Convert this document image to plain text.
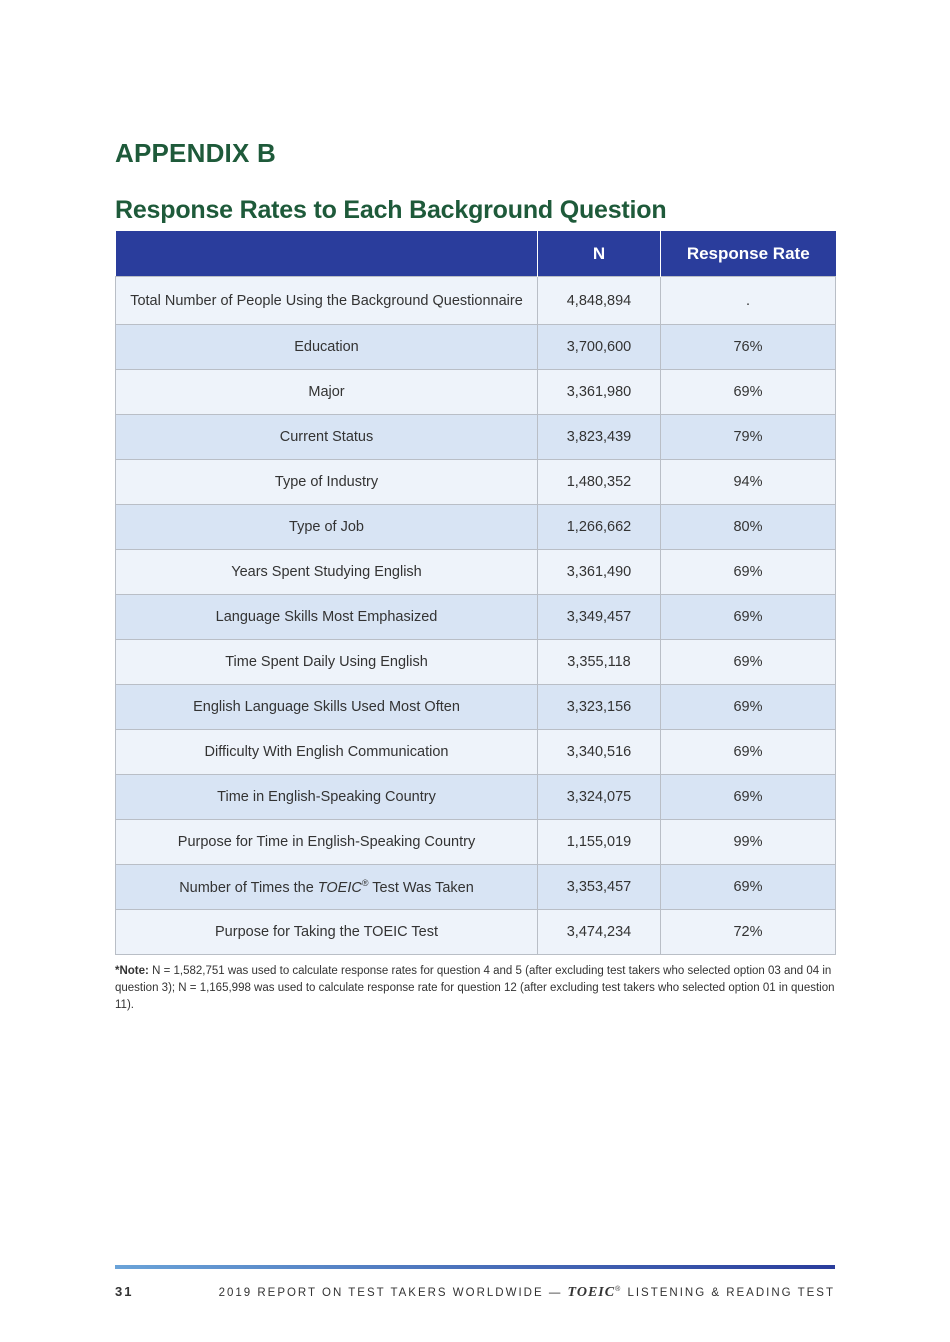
APPENDIX B
Response Rates to Each Background Question
	N	Response Rate
Total Number of People Using the Background Questionnaire	4,848,894	.
Education	3,700,600	76%
Major	3,361,980	69%
Current Status	3,823,439	79%
Type of Industry	1,480,352	94%
Type of Job	1,266,662	80%
Years Spent Studying English	3,361,490	69%
Language Skills Most Emphasized	3,349,457	69%
Time Spent Daily Using English	3,355,118	69%
English Language Skills Used Most Often	3,323,156	69%
Difficulty With English Communication	3,340,516	69%
Time in English-Speaking Country	3,324,075	69%
Purpose for Time in English-Speaking Country	1,155,019	99%
Number of Times the TOEIC® Test Was Taken	3,353,457	69%
Purpose for Taking the TOEIC Test	3,474,234	72%

*Note: N = 1,582,751 was used to calculate response rates for question 4 and 5 (after excluding test takers who selected option 03 and 04 in question 3); N = 1,165,998 was used to calculate response rate for question 12 (after excluding test takers who selected option 01 in question 11).

31	2019 REPORT ON TEST TAKERS WORLDWIDE — TOEIC® LISTENING & READING TEST
